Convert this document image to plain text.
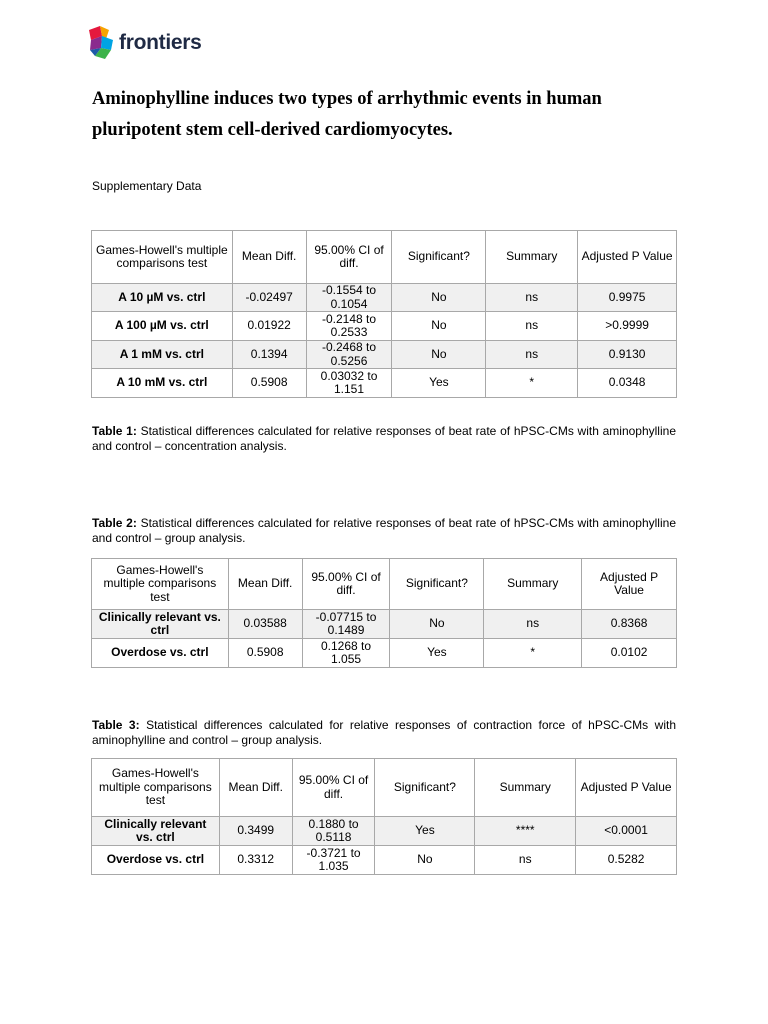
frontiers
Aminophylline induces two types of arrhythmic events in human pluripotent stem cell-derived cardiomyocytes.
Supplementary Data
Games-Howell's multiple comparisons test	Mean Diff.	95.00% CI of diff.	Significant?	Summary	Adjusted P Value
A 10 µM vs. ctrl	-0.02497	-0.1554 to 0.1054	No	ns	0.9975
A 100 µM vs. ctrl	0.01922	-0.2148 to 0.2533	No	ns	>0.9999
A 1 mM vs. ctrl	0.1394	-0.2468 to 0.5256	No	ns	0.9130
A 10 mM vs. ctrl	0.5908	0.03032 to 1.151	Yes	*	0.0348

Table 1: Statistical differences calculated for relative responses of beat rate of hPSC-CMs with aminophylline and control – concentration analysis.

Table 2: Statistical differences calculated for relative responses of beat rate of hPSC-CMs with aminophylline and control – group analysis.

Games-Howell's multiple comparisons test	Mean Diff.	95.00% CI of diff.	Significant?	Summary	Adjusted P Value
Clinically relevant vs. ctrl	0.03588	-0.07715 to 0.1489	No	ns	0.8368
Overdose vs. ctrl	0.5908	0.1268 to 1.055	Yes	*	0.0102

Table 3: Statistical differences calculated for relative responses of contraction force of hPSC-CMs with aminophylline and control – group analysis.

Games-Howell's multiple comparisons test	Mean Diff.	95.00% CI of diff.	Significant?	Summary	Adjusted P Value
Clinically relevant vs. ctrl	0.3499	0.1880 to 0.5118	Yes	****	<0.0001
Overdose vs. ctrl	0.3312	-0.3721 to 1.035	No	ns	0.5282
